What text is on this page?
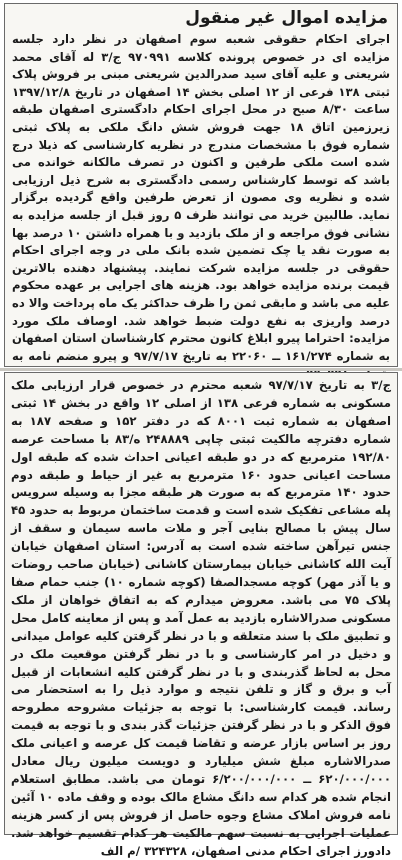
مزایده اموال غیر منقول

اجرای احکام حقوقی شعبه سوم اصفهان در نظر دارد جلسه مزایده ای در خصوص پرونده کلاسه ۹۷۰۹۹۱ ج/۳ له آقای محمد شریعتی و علیه آقای سید صدرالدین شریعتی مبنی بر فروش پلاک ثبتی ۱۳۸ فرعی از ۱۲ اصلی بخش ۱۴ اصفهان در تاریخ ۱۳۹۷/۱۲/۸ ساعت ۸/۳۰ صبح در محل اجرای احکام دادگستری اصفهان طبقه زیرزمین اتاق ۱۸ جهت فروش شش دانگ ملکی به پلاک ثبتی شماره فوق با مشخصات مندرج در نظریه کارشناسی که ذیلا درج شده است ملکی طرفین و اکنون در تصرف مالکانه خوانده می باشد که توسط کارشناس رسمی دادگستری به شرح ذیل ارزیابی شده و نظریه وی مصون از تعرض طرفین واقع گردیده برگزار نماید. طالبین خرید می توانند ظرف ۵ روز قبل از جلسه مزایده به نشانی فوق مراجعه و از ملک بازدید و با همراه داشتن ۱۰ درصد بها به صورت نقد یا چک تضمین شده بانک ملی در وجه اجرای احکام حقوقی در جلسه مزایده شرکت نمایند. پیشنهاد دهنده بالاترین قیمت برنده مزایده خواهد بود. هزینه های اجرایی بر عهده محکوم علیه می باشد و مابقی ثمن را ظرف حداکثر یک ماه پرداخت والا ده درصد واریزی به نفع دولت ضبط خواهد شد. اوصاف ملک مورد مزایده: احتراما پیرو ابلاغ کانون محترم کارشناسان استان اصفهان به شماره ۱۶۱/۲۷۴ ــ ۲۲۰۶۰ به تاریخ ۹۷/۷/۱۷ و پیرو منضم نامه به

ج/۳ به تاریخ ۹۷/۷/۱۷ شعبه محترم در خصوص قرار ارزیابی ملک مسکونی به شماره فرعی ۱۳۸ از اصلی ۱۲ واقع در بخش ۱۴ ثبتی اصفهان به شماره ثبت ۸۰۰۱ که در دفتر ۱۵۲ و صفحه ۱۸۷ به شماره دفترچه مالکیت ثبتی چاپی ۲۴۸۸۸۹ ه/۸۳ با مساحت عرصه ۱۹۲/۸۰ مترمربع که در دو طبقه اعیانی احداث شده که طبقه اول مساحت اعیانی حدود ۱۶۰ مترمربع به غیر از حیاط و طبقه دوم حدود ۱۴۰ مترمربع که به صورت هر طبقه مجزا به وسیله سرویس پله مشاعی تفکیک شده است و قدمت ساختمان مربوط به حدود ۴۵ سال پیش با مصالح بنایی آجر و ملات ماسه سیمان و سقف از جنس تیرآهن ساخته شده است به آدرس: استان اصفهان خیابان آیت الله کاشانی خیابان بیمارستان کاشانی (خیابان صاحب روضات و یا آذر مهر) کوچه مسجدالصفا (کوچه شماره ۱۰) جنب حمام صفا پلاک ۷۵ می باشد. معروض میدارم که به اتفاق خواهان از ملک مسکونی صدرالاشاره بازدید به عمل آمد و پس از معاینه کامل محل و تطبیق ملک با سند متعلقه و با در نظر گرفتن کلیه عوامل میدانی و دخیل در امر کارشناسی و با در نظر گرفتن موقعیت ملک در محل به لحاظ گذربندی و با در نظر گرفتن کلیه انشعابات از قبیل آب و برق و گاز و تلفن نتیجه و موارد ذیل را به استحضار می رساند. قیمت کارشناسی: با توجه به جزئیات مشروحه مطروحه فوق الذکر و با در نظر گرفتن جزئیات گذر بندی و با توجه به قیمت روز بر اساس بازار عرضه و تقاضا قیمت کل عرصه و اعیانی ملک صدرالاشاره مبلغ شش میلیارد و دویست میلیون ریال معادل ۶۲۰/۰۰۰/۰۰۰ ــ ۶/۲۰۰/۰۰۰/۰۰۰ تومان می باشد. مطابق استعلام انجام شده هر کدام سه دانگ مشاع مالک بوده و وقف ماده ۱۰ آئین نامه فروش املاک مشاع وجوه حاصل از فروش پس از کسر هزینه عملیات اجرایی به نسبت سهم مالکیت هر کدام تقسیم خواهد شد. دادورز اجرای احکام مدنی اصفهان، ۳۲۴۳۲۸ /م الف
